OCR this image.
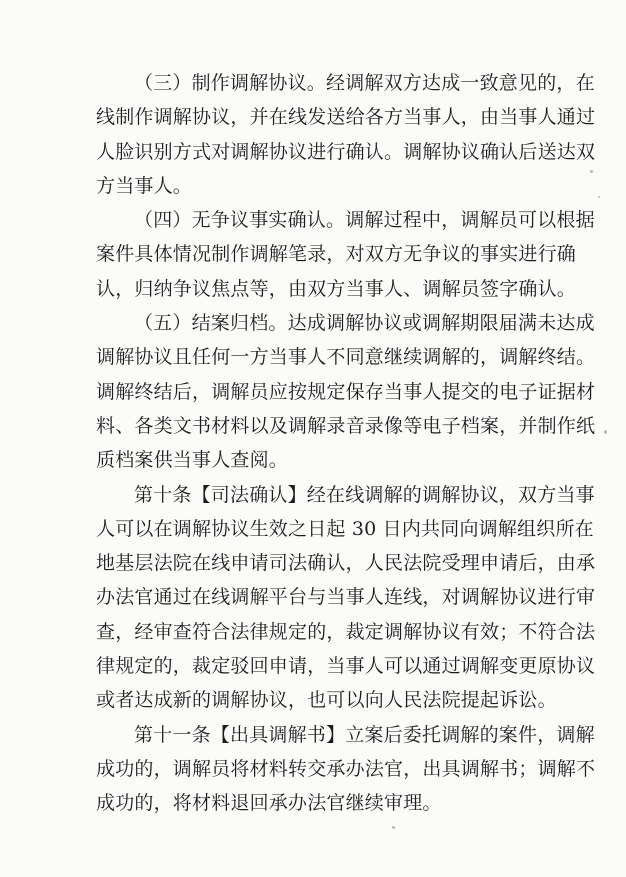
（三）制作调解协议。经调解双方达成一致意见的，在
线制作调解协议，并在线发送给各方当事人，由当事人通过
人脸识别方式对调解协议进行确认。调解协议确认后送达双
方当事人。
（四）无争议事实确认。调解过程中，调解员可以根据
案件具体情况制作调解笔录，对双方无争议的事实进行确
认，归纳争议焦点等，由双方当事人、调解员签字确认。
（五）结案归档。达成调解协议或调解期限届满未达成
调解协议且任何一方当事人不同意继续调解的，调解终结。
调解终结后，调解员应按规定保存当事人提交的电子证据材
料、各类文书材料以及调解录音录像等电子档案，并制作纸
质档案供当事人查阅。
第十条【司法确认】经在线调解的调解协议，双方当事
人可以在调解协议生效之日起 30 日内共同向调解组织所在
地基层法院在线申请司法确认，人民法院受理申请后，由承
办法官通过在线调解平台与当事人连线，对调解协议进行审
查，经审查符合法律规定的，裁定调解协议有效；不符合法
律规定的，裁定驳回申请，当事人可以通过调解变更原协议
或者达成新的调解协议，也可以向人民法院提起诉讼。
第十一条【出具调解书】立案后委托调解的案件，调解
成功的，调解员将材料转交承办法官，出具调解书；调解不
成功的，将材料退回承办法官继续审理。
